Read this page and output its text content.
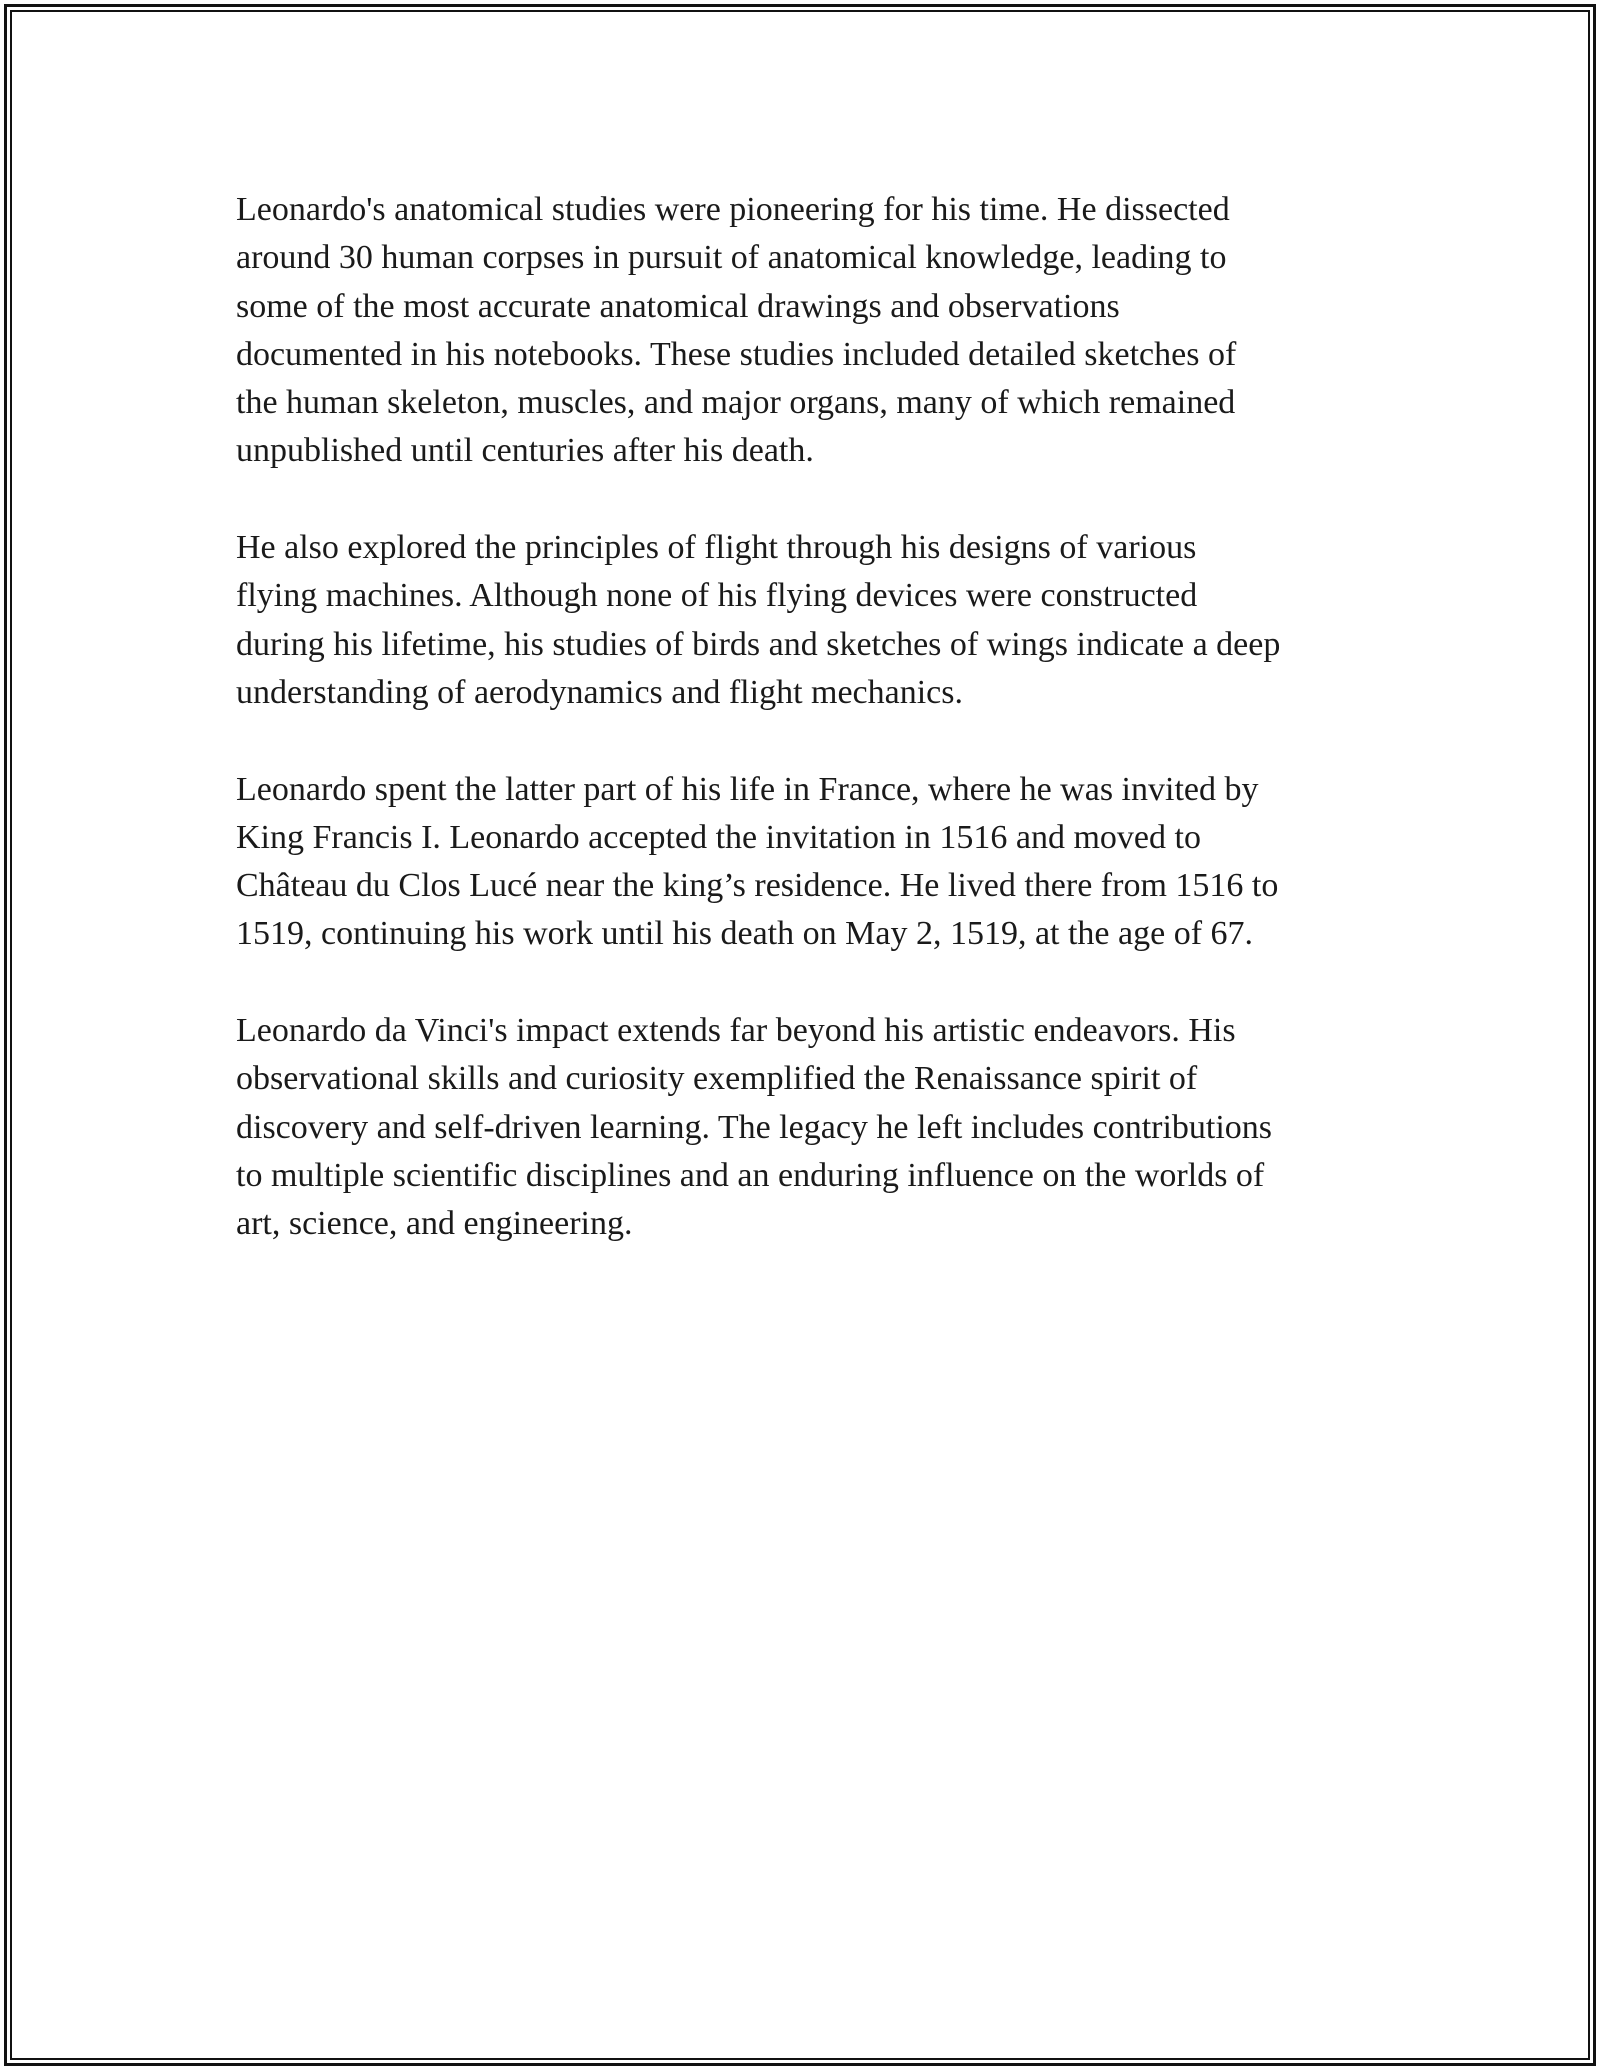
Leonardo's anatomical studies were pioneering for his time. He dissected
around 30 human corpses in pursuit of anatomical knowledge, leading to
some of the most accurate anatomical drawings and observations
documented in his notebooks. These studies included detailed sketches of
the human skeleton, muscles, and major organs, many of which remained
unpublished until centuries after his death.

He also explored the principles of flight through his designs of various
flying machines. Although none of his flying devices were constructed
during his lifetime, his studies of birds and sketches of wings indicate a deep
understanding of aerodynamics and flight mechanics.

Leonardo spent the latter part of his life in France, where he was invited by
King Francis I. Leonardo accepted the invitation in 1516 and moved to
Château du Clos Lucé near the king’s residence. He lived there from 1516 to
1519, continuing his work until his death on May 2, 1519, at the age of 67.

Leonardo da Vinci's impact extends far beyond his artistic endeavors. His
observational skills and curiosity exemplified the Renaissance spirit of
discovery and self-driven learning. The legacy he left includes contributions
to multiple scientific disciplines and an enduring influence on the worlds of
art, science, and engineering.
